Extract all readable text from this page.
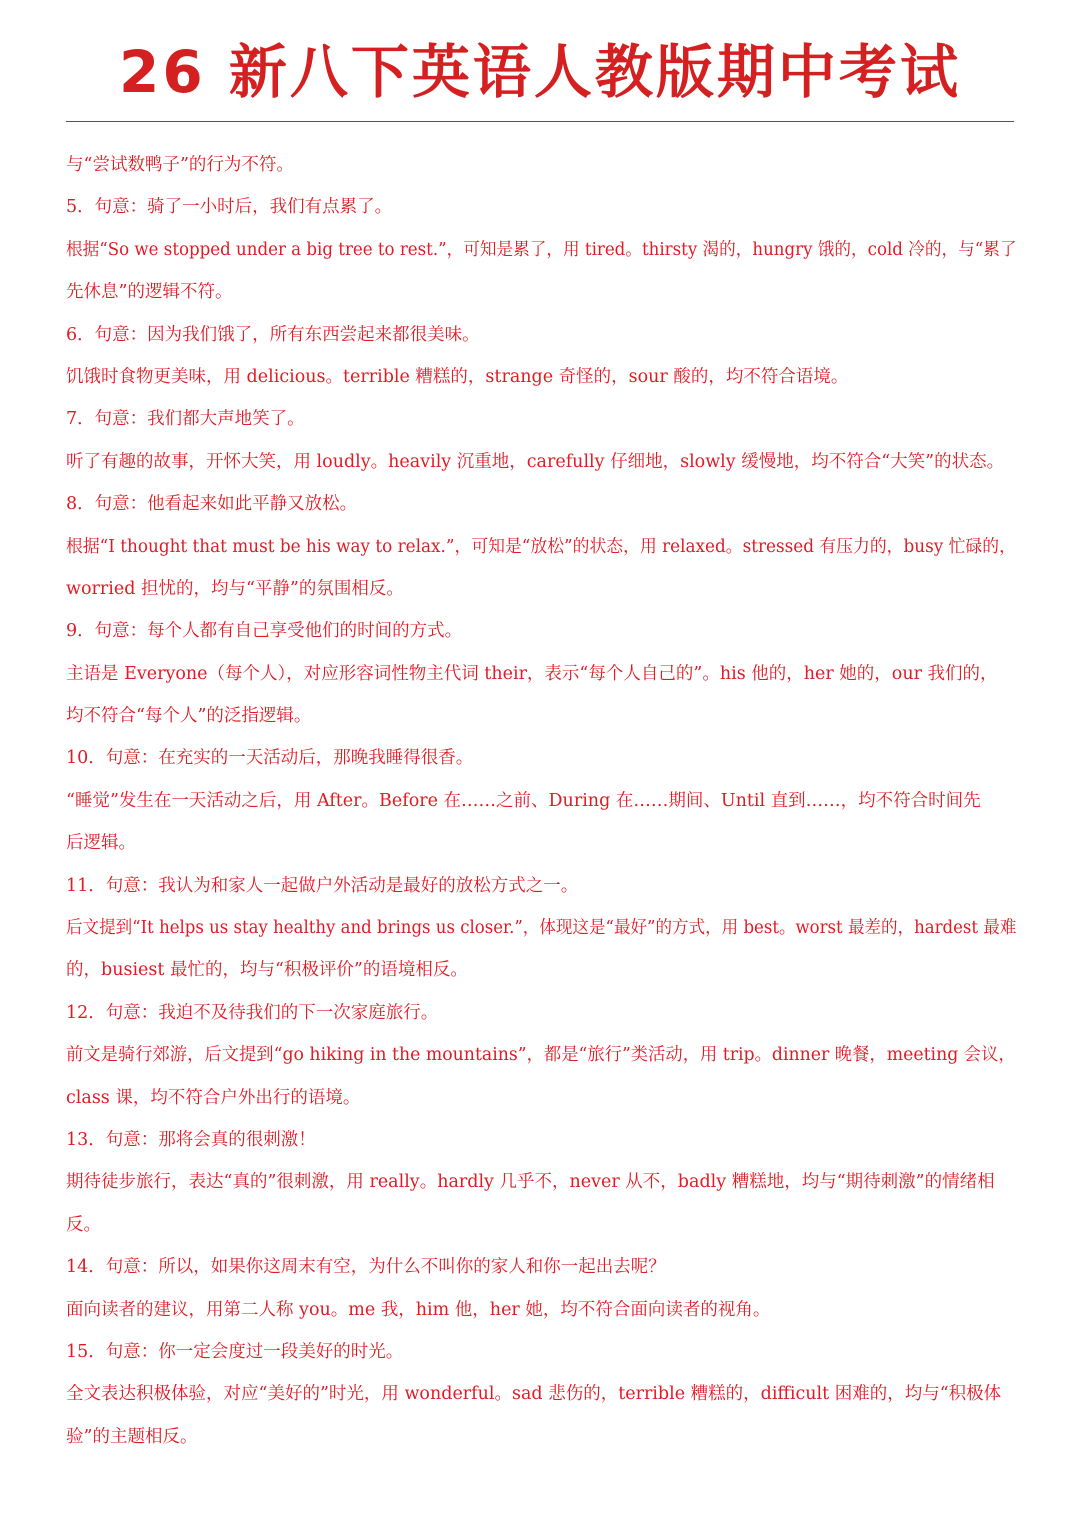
26 新八下英语人教版期中考试
与“尝试数鸭子”的行为不符。
5．句意：骑了一小时后，我们有点累了。
根据“So we stopped under a big tree to rest.”，可知是累了，用 tired。thirsty 渴的，hungry 饿的，cold 冷的，与“累了
先休息”的逻辑不符。
6．句意：因为我们饿了，所有东西尝起来都很美味。
饥饿时食物更美味，用 delicious。terrible 糟糕的，strange 奇怪的，sour 酸的，均不符合语境。
7．句意：我们都大声地笑了。
听了有趣的故事，开怀大笑，用 loudly。heavily 沉重地，carefully 仔细地，slowly 缓慢地，均不符合“大笑”的状态。
8．句意：他看起来如此平静又放松。
根据“I thought that must be his way to relax.”，可知是“放松”的状态，用 relaxed。stressed 有压力的，busy 忙碌的，
worried 担忧的，均与“平静”的氛围相反。
9．句意：每个人都有自己享受他们的时间的方式。
主语是 Everyone（每个人），对应形容词性物主代词 their，表示“每个人自己的”。his 他的，her 她的，our 我们的，
均不符合“每个人”的泛指逻辑。
10．句意：在充实的一天活动后，那晚我睡得很香。
“睡觉”发生在一天活动之后，用 After。Before 在……之前、During 在……期间、Until 直到……，均不符合时间先
后逻辑。
11．句意：我认为和家人一起做户外活动是最好的放松方式之一。
后文提到“It helps us stay healthy and brings us closer.”，体现这是“最好”的方式，用 best。worst 最差的，hardest 最难
的，busiest 最忙的，均与“积极评价”的语境相反。
12．句意：我迫不及待我们的下一次家庭旅行。
前文是骑行郊游，后文提到“go hiking in the mountains”，都是“旅行”类活动，用 trip。dinner 晚餐，meeting 会议，
class 课，均不符合户外出行的语境。
13．句意：那将会真的很刺激！
期待徒步旅行，表达“真的”很刺激，用 really。hardly 几乎不，never 从不，badly 糟糕地，均与“期待刺激”的情绪相
反。
14．句意：所以，如果你这周末有空，为什么不叫你的家人和你一起出去呢？
面向读者的建议，用第二人称 you。me 我，him 他，her 她，均不符合面向读者的视角。
15．句意：你一定会度过一段美好的时光。
全文表达积极体验，对应“美好的”时光，用 wonderful。sad 悲伤的，terrible 糟糕的，difficult 困难的，均与“积极体
验”的主题相反。
